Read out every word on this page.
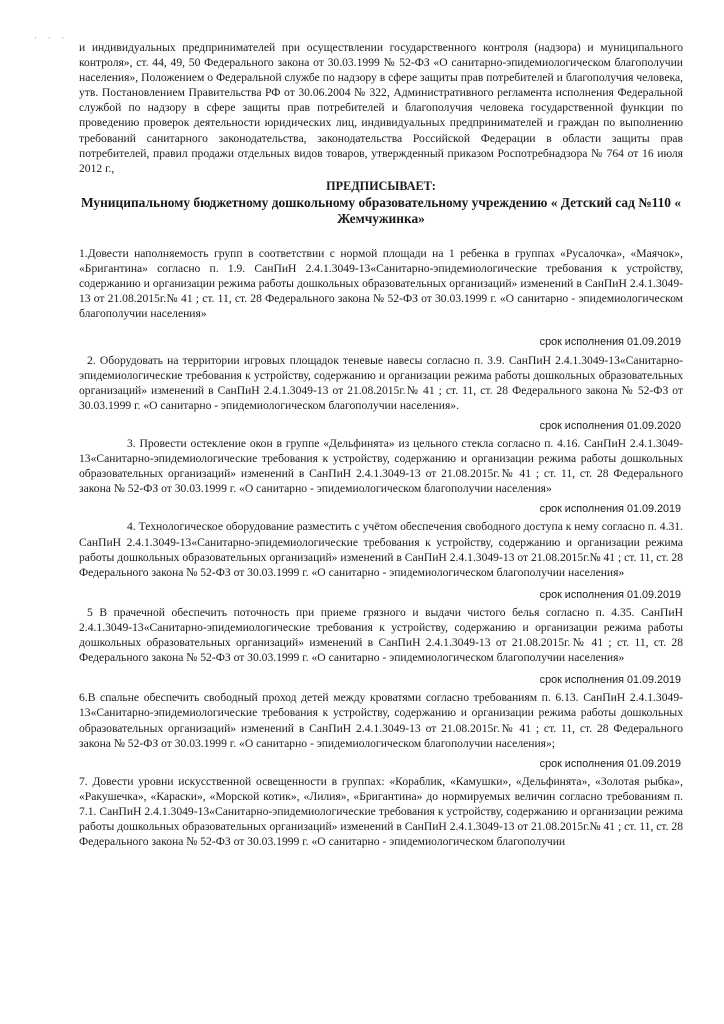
· · ·

и индивидуальных предпринимателей при осуществлении государственного контроля (надзора) и муниципального контроля», ст. 44, 49, 50 Федерального закона от 30.03.1999 № 52-ФЗ «О санитарно-эпидемиологическом благополучии населения», Положением о Федеральной службе по надзору в сфере защиты прав потребителей и благополучия человека, утв. Постановлением Правительства РФ от 30.06.2004 № 322, Административного регламента исполнения Федеральной службой по надзору в сфере защиты прав потребителей и благополучия человека государственной функции по проведению проверок деятельности юридических лиц, индивидуальных предпринимателей и граждан по выполнению требований санитарного законодательства, законодательства Российской Федерации в области защиты прав потребителей, правил продажи отдельных видов товаров, утвержденный приказом Роспотребнадзора № 764 от 16 июля 2012 г.,

ПРЕДПИСЫВАЕТ:
Муниципальному бюджетному дошкольному образовательному учреждению « Детский сад №110 « Жемчужинка»

1.Довести наполняемость групп в соответствии с нормой площади на 1 ребенка в группах «Русалочка», «Маячок», «Бригантина» согласно п. 1.9. СанПиН 2.4.1.3049-13«Санитарно-эпидемиологические требования к устройству, содержанию и организации режима работы дошкольных образовательных организаций» изменений в СанПиН 2.4.1.3049-13 от 21.08.2015г.№ 41 ; ст. 11, ст. 28 Федерального закона № 52-ФЗ от 30.03.1999 г. «О санитарно - эпидемиологическом благополучии населения»

срок исполнения 01.09.2019

2. Оборудовать на территории игровых площадок теневые навесы согласно п. 3.9. СанПиН 2.4.1.3049-13«Санитарно-эпидемиологические требования к устройству, содержанию и организации режима работы дошкольных образовательных организаций» изменений в СанПиН 2.4.1.3049-13 от 21.08.2015г.№ 41 ; ст. 11, ст. 28 Федерального закона № 52-ФЗ от 30.03.1999 г. «О санитарно - эпидемиологическом благополучии населения».

срок исполнения 01.09.2020

3. Провести остекление окон в группе «Дельфинята» из цельного стекла согласно п. 4.16. СанПиН 2.4.1.3049-13«Санитарно-эпидемиологические требования к устройству, содержанию и организации режима работы дошкольных образовательных организаций» изменений в СанПиН 2.4.1.3049-13 от 21.08.2015г.№ 41 ; ст. 11, ст. 28 Федерального закона № 52-ФЗ от 30.03.1999 г. «О санитарно - эпидемиологическом благополучии населения»

срок исполнения 01.09.2019

4. Технологическое оборудование разместить с учётом обеспечения свободного доступа к нему согласно п. 4.31. СанПиН 2.4.1.3049-13«Санитарно-эпидемиологические требования к устройству, содержанию и организации режима работы дошкольных образовательных организаций» изменений в СанПиН 2.4.1.3049-13 от 21.08.2015г.№ 41 ; ст. 11, ст. 28 Федерального закона № 52-ФЗ от 30.03.1999 г. «О санитарно - эпидемиологическом благополучии населения»

срок исполнения 01.09.2019

5 В прачечной обеспечить поточность при приеме грязного и выдачи чистого белья согласно п. 4.35. СанПиН 2.4.1.3049-13«Санитарно-эпидемиологические требования к устройству, содержанию и организации режима работы дошкольных образовательных организаций» изменений в СанПиН 2.4.1.3049-13 от 21.08.2015г.№ 41 ; ст. 11, ст. 28 Федерального закона № 52-ФЗ от 30.03.1999 г. «О санитарно - эпидемиологическом благополучии населения»

срок исполнения 01.09.2019

6.В спальне обеспечить свободный проход детей между кроватями согласно требованиям п. 6.13. СанПиН 2.4.1.3049-13«Санитарно-эпидемиологические требования к устройству, содержанию и организации режима работы дошкольных образовательных организаций» изменений в СанПиН 2.4.1.3049-13 от 21.08.2015г.№ 41 ; ст. 11, ст. 28 Федерального закона № 52-ФЗ от 30.03.1999 г. «О санитарно - эпидемиологическом благополучии населения»;

срок исполнения 01.09.2019

7. Довести уровни искусственной освещенности в группах: «Кораблик, «Камушки», «Дельфинята», «Золотая рыбка», «Ракушечка», «Караски», «Морской котик», «Лилия», «Бригантина» до нормируемых величин согласно требованиям п. 7.1. СанПиН 2.4.1.3049-13«Санитарно-эпидемиологические требования к устройству, содержанию и организации режима работы дошкольных образовательных организаций» изменений в СанПиН 2.4.1.3049-13 от 21.08.2015г.№ 41 ; ст. 11, ст. 28 Федерального закона № 52-ФЗ от 30.03.1999 г. «О санитарно - эпидемиологическом благополучии
